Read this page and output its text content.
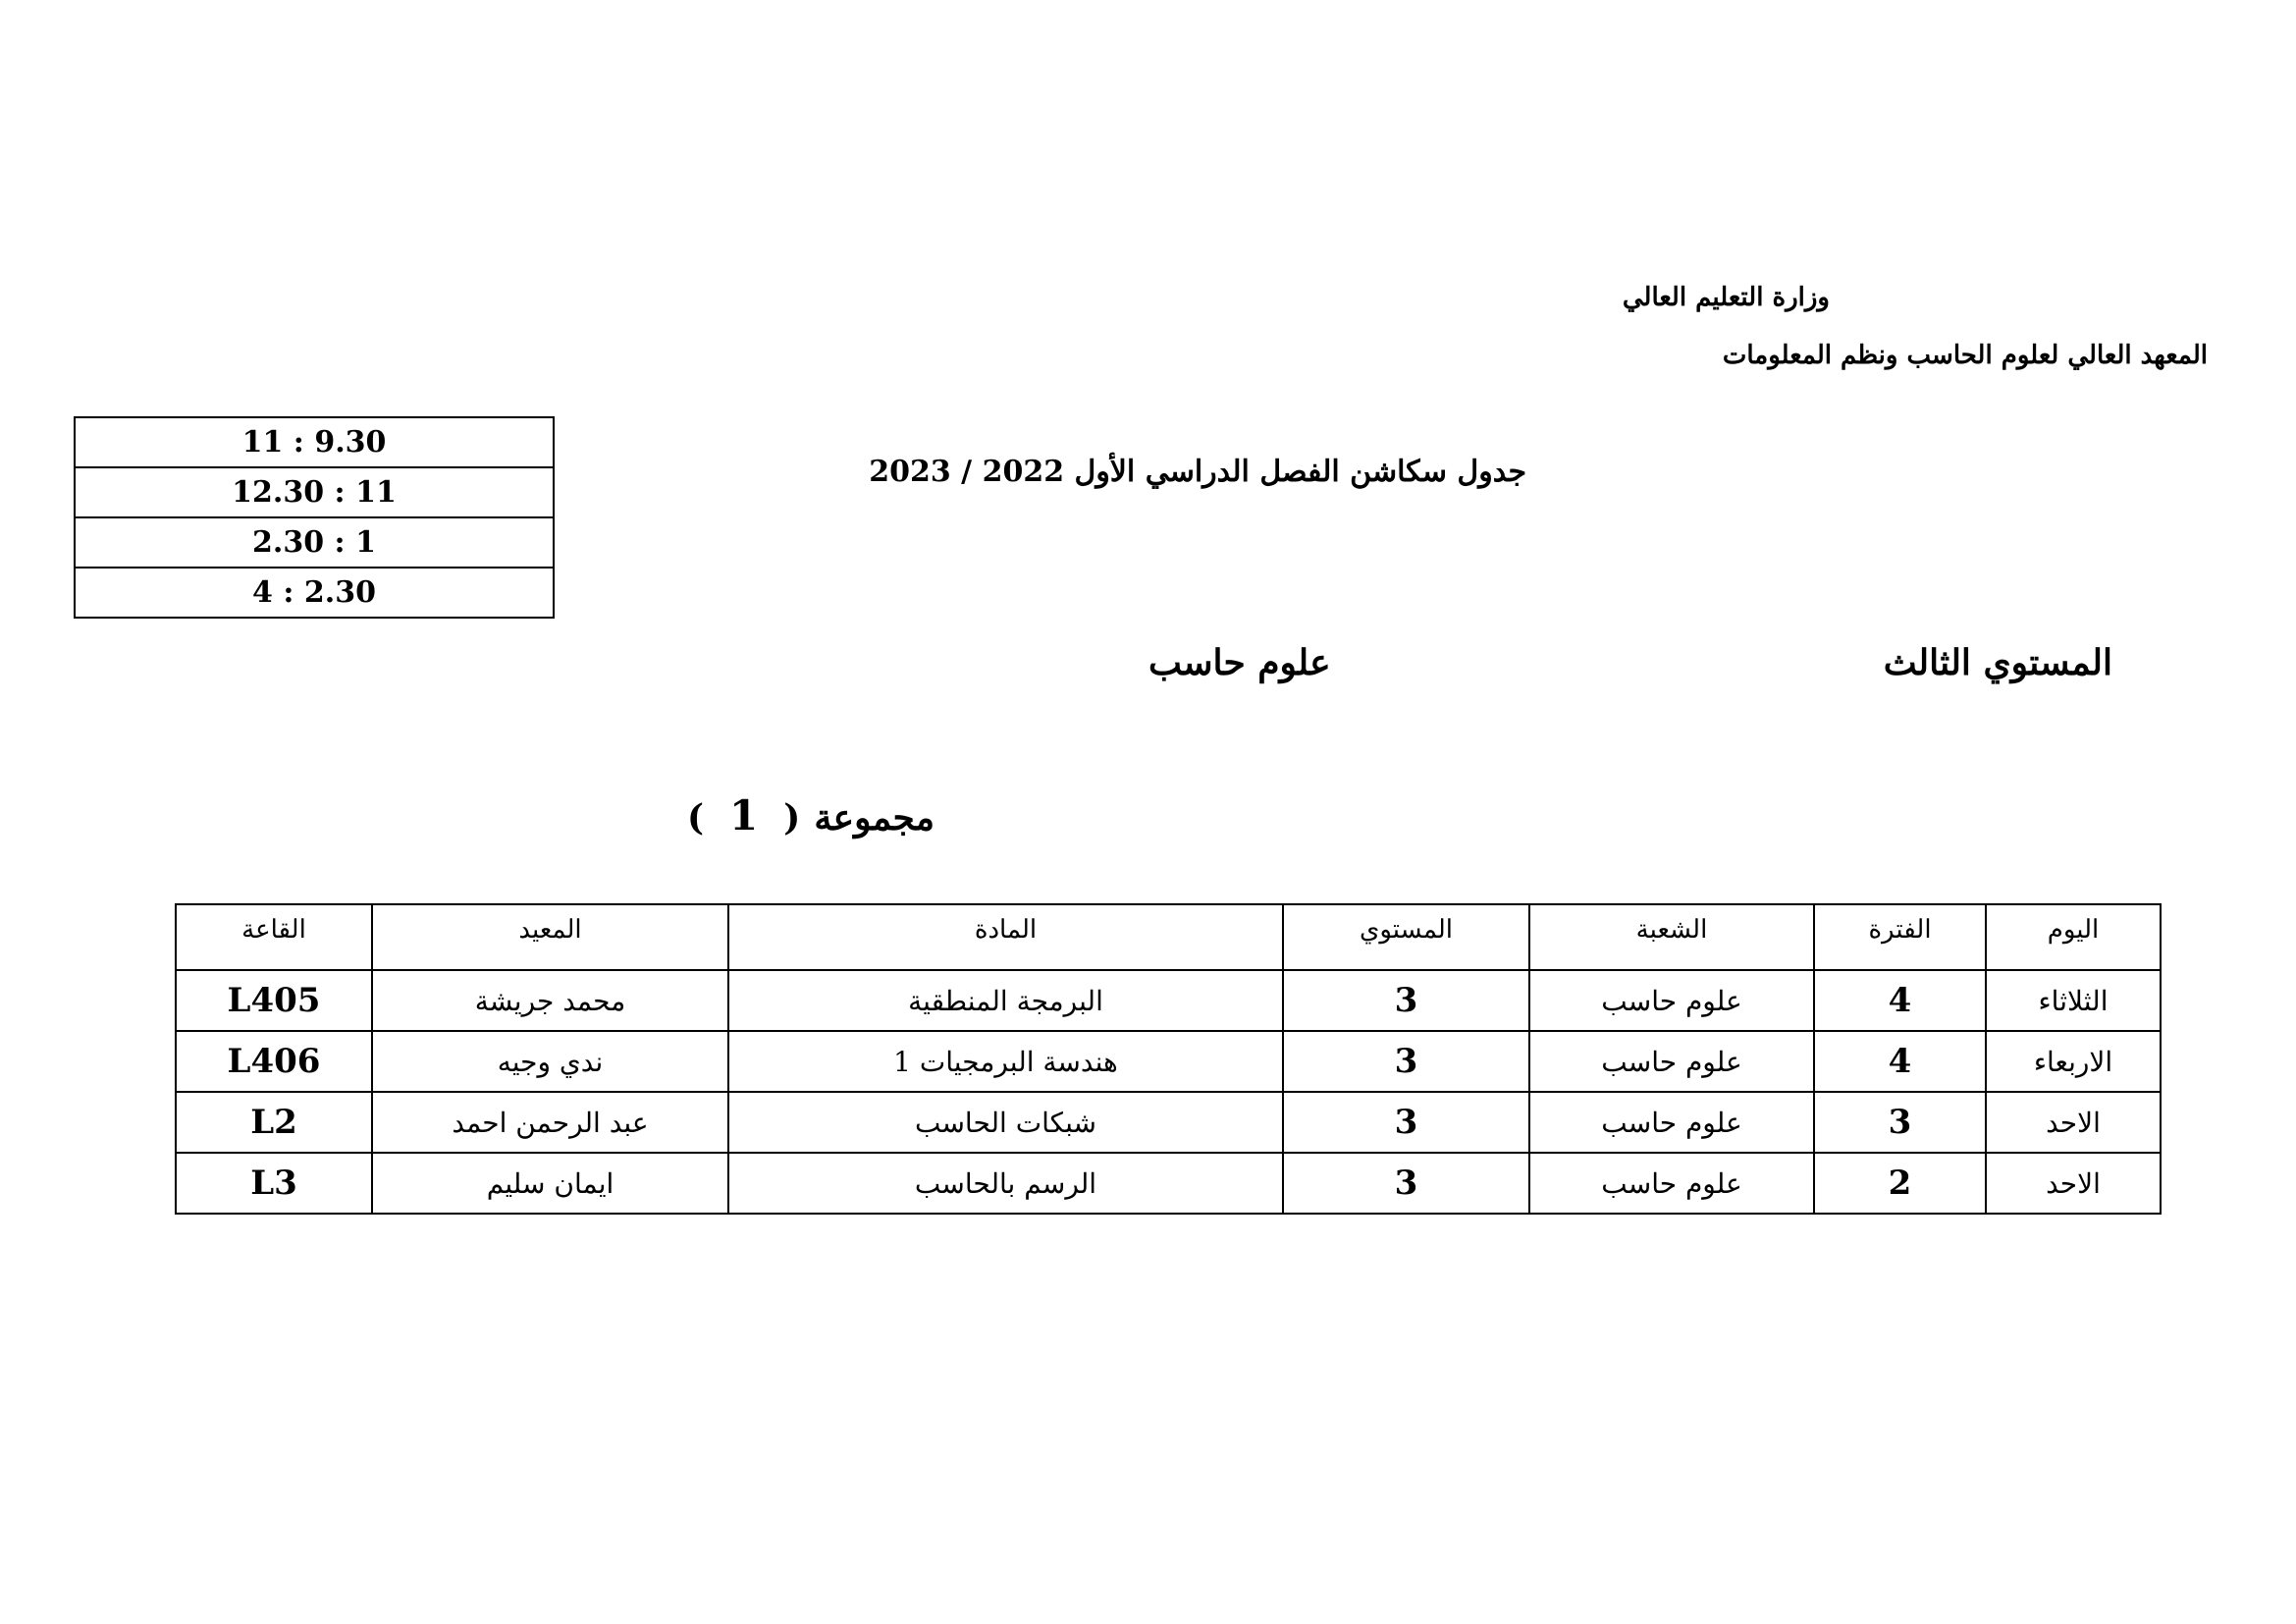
وزارة التعليم العالي
المعهد العالي لعلوم الحاسب ونظم المعلومات
جدول سكاشن الفصل الدراسي الأول 2022 / 2023
11 : 9.30
12.30 : 11
2.30 : 1
4 : 2.30
المستوي الثالث
علوم حاسب
مجموعة(1)
اليوم	الفترة	الشعبة	المستوي	المادة	المعيد	القاعة
الثلاثاء	4	علوم حاسب	3	البرمجة المنطقية	محمد جريشة	L405
الاربعاء	4	علوم حاسب	3	هندسة البرمجيات 1	ندي وجيه	L406
الاحد	3	علوم حاسب	3	شبكات الحاسب	عبد الرحمن احمد	L2
الاحد	2	علوم حاسب	3	الرسم بالحاسب	ايمان سليم	L3
